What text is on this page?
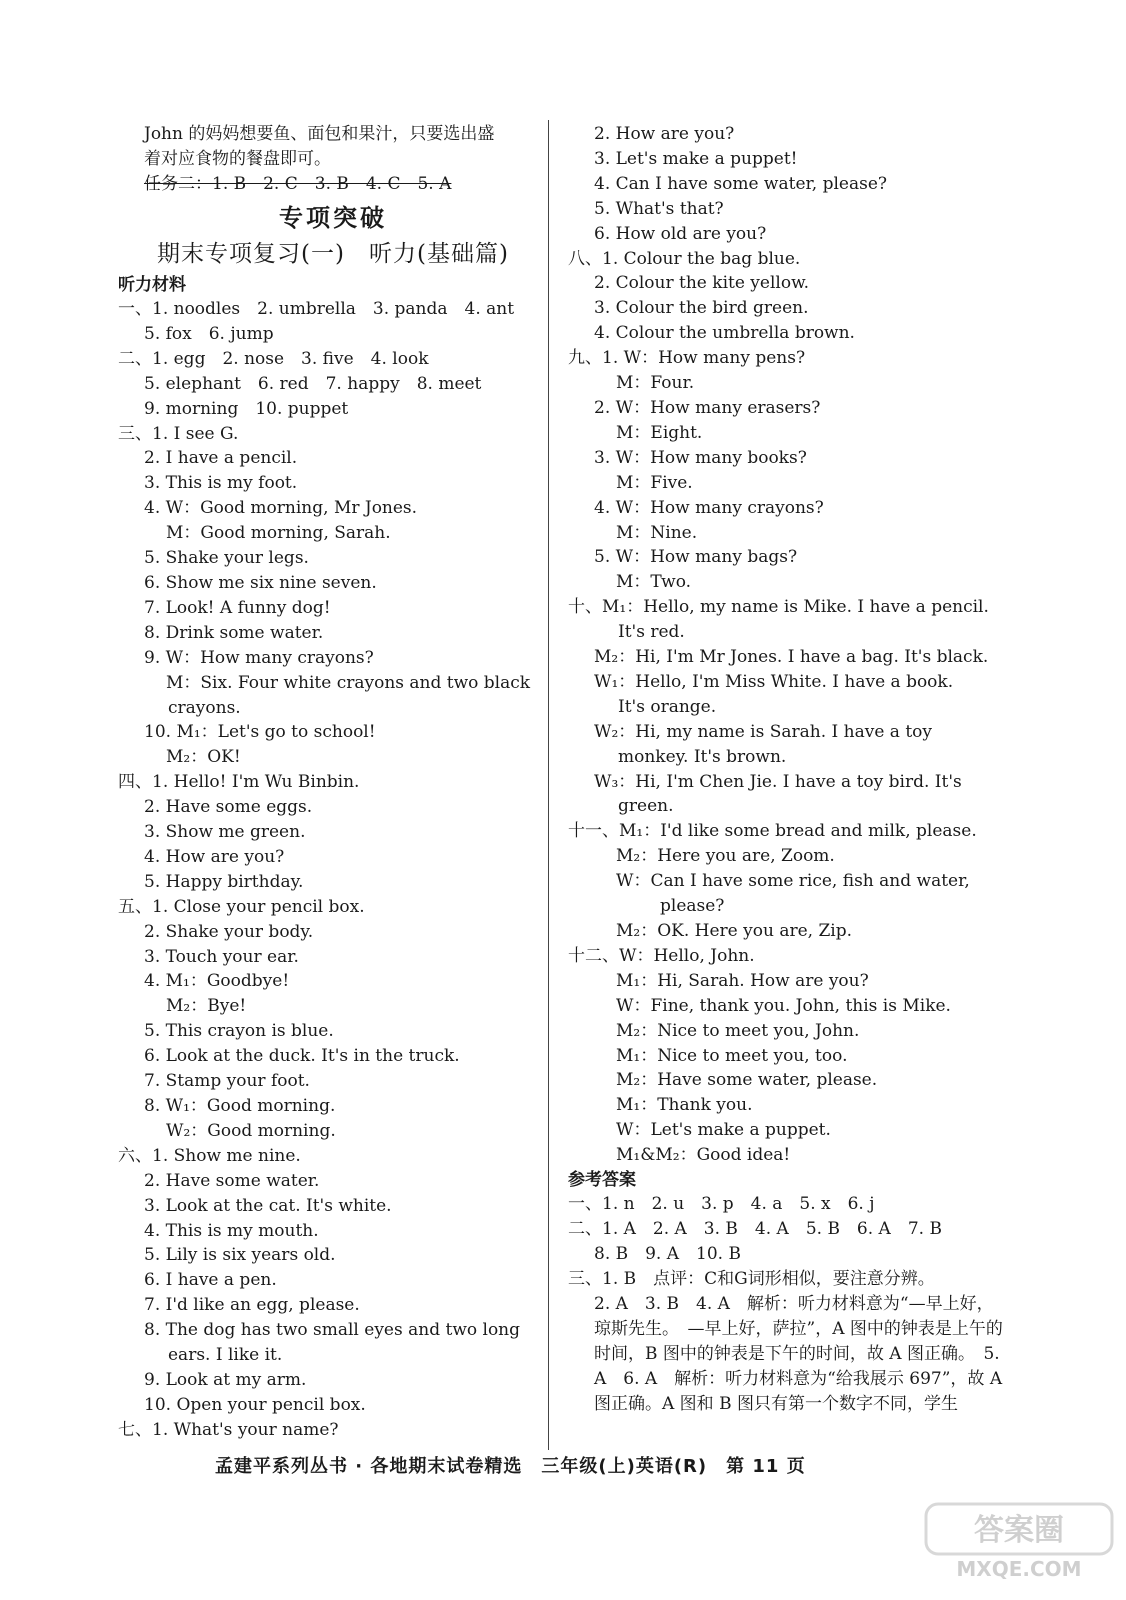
John 的妈妈想要鱼、面包和果汁，只要选出盛
着对应食物的餐盘即可。
任务二：1. B　2. C　3. B　4. C　5. A
专项突破
期末专项复习(一)　听力(基础篇)
听力材料
一、1. noodles　2. umbrella　3. panda　4. ant
5. fox　6. jump
二、1. egg　2. nose　3. five　4. look
5. elephant　6. red　7. happy　8. meet
9. morning　10. puppet
三、1. I see G.
2. I have a pencil.
3. This is my foot.
4. W：Good morning, Mr Jones.
M：Good morning, Sarah.
5. Shake your legs.
6. Show me six nine seven.
7. Look! A funny dog!
8. Drink some water.
9. W：How many crayons?
M：Six. Four white crayons and two black
crayons.
10. M₁：Let's go to school!
M₂：OK!
四、1. Hello! I'm Wu Binbin.
2. Have some eggs.
3. Show me green.
4. How are you?
5. Happy birthday.
五、1. Close your pencil box.
2. Shake your body.
3. Touch your ear.
4. M₁：Goodbye!
M₂：Bye!
5. This crayon is blue.
6. Look at the duck. It's in the truck.
7. Stamp your foot.
8. W₁：Good morning.
W₂：Good morning.
六、1. Show me nine.
2. Have some water.
3. Look at the cat. It's white.
4. This is my mouth.
5. Lily is six years old.
6. I have a pen.
7. I'd like an egg, please.
8. The dog has two small eyes and two long
ears. I like it.
9. Look at my arm.
10. Open your pencil box.
七、1. What's your name?
2. How are you?
3. Let's make a puppet!
4. Can I have some water, please?
5. What's that?
6. How old are you?
八、1. Colour the bag blue.
2. Colour the kite yellow.
3. Colour the bird green.
4. Colour the umbrella brown.
九、1. W：How many pens?
M：Four.
2. W：How many erasers?
M：Eight.
3. W：How many books?
M：Five.
4. W：How many crayons?
M：Nine.
5. W：How many bags?
M：Two.
十、M₁：Hello, my name is Mike. I have a pencil.
It's red.
M₂：Hi, I'm Mr Jones. I have a bag. It's black.
W₁：Hello, I'm Miss White. I have a book.
It's orange.
W₂：Hi, my name is Sarah. I have a toy
monkey. It's brown.
W₃：Hi, I'm Chen Jie. I have a toy bird. It's
green.
十一、M₁：I'd like some bread and milk, please.
M₂：Here you are, Zoom.
W：Can I have some rice, fish and water,
please?
M₂：OK. Here you are, Zip.
十二、W：Hello, John.
M₁：Hi, Sarah. How are you?
W：Fine, thank you. John, this is Mike.
M₂：Nice to meet you, John.
M₁：Nice to meet you, too.
M₂：Have some water, please.
M₁：Thank you.
W：Let's make a puppet.
M₁&M₂：Good idea!
参考答案
一、1. n　2. u　3. p　4. a　5. x　6. j
二、1. A　2. A　3. B　4. A　5. B　6. A　7. B
8. B　9. A　10. B
三、1. B　点评：C和G词形相似，要注意分辨。
2. A　3. B　4. A　解析：听力材料意为“—早上好，琼斯先生。　—早上好，萨拉”，A 图中的钟表是上午的时间，B 图中的钟表是下午的时间，故 A 图正确。　5. A　6. A　解析：听力材料意为“给我展示 697”，故 A 图正确。A 图和 B 图只有第一个数字不同，学生
孟建平系列丛书 · 各地期末试卷精选　三年级(上)英语(R)　第 11 页
答案圈
MXQE.COM
